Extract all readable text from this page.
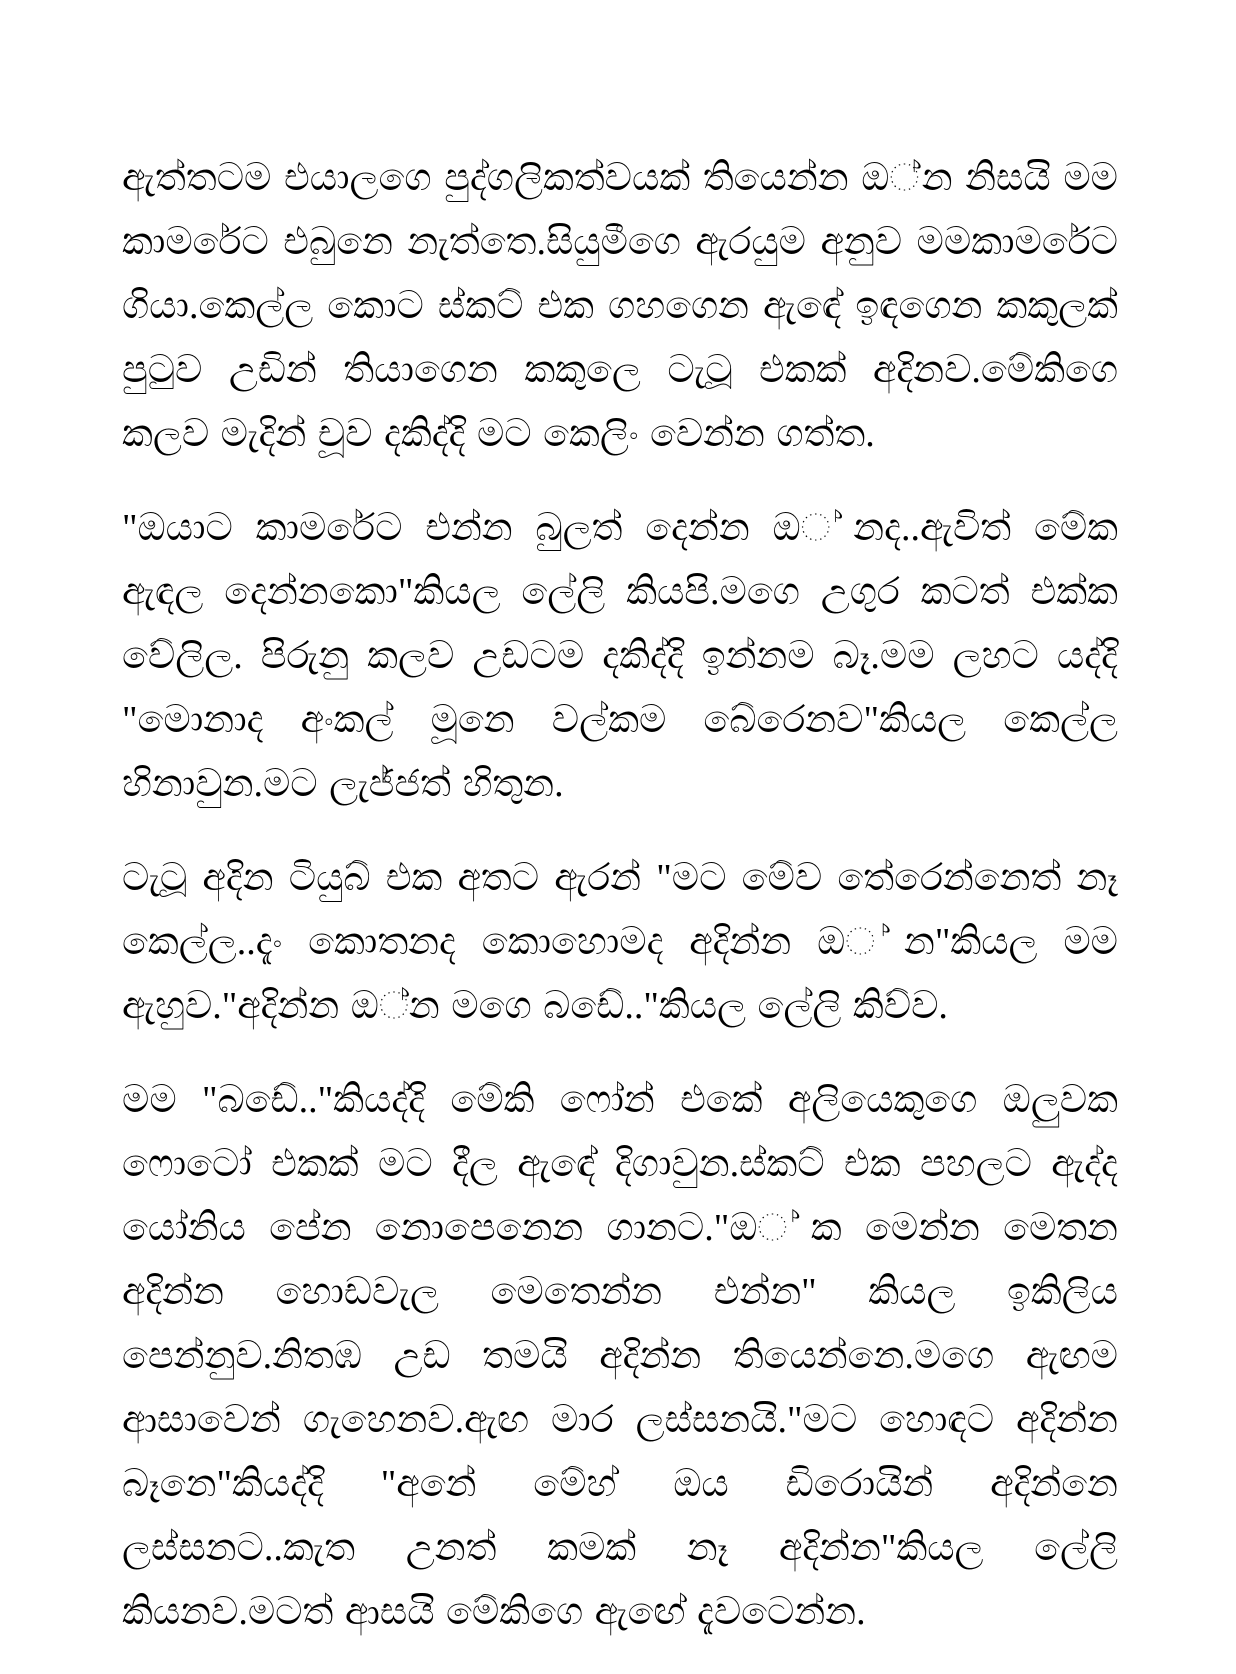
ඇත්තටම එයාලගෙ පුද්ගලිකත්වයක් තියෙන්න ඔ◌්න නිසයි මම කාමරේට එබුනෙ නැත්තෙ.සියුමීගෙ ඇරයුම අනුව මමකාමරේට ගියා.කෙල්ල කොට ස්කට් එක ගහගෙන ඇඳේ ඉඳගෙන කකුලක් පුටුව උඩින් තියාගෙන කකුලෙ ටැටූ එකක් අදිනව.මේකිගෙ කලව මැදින් චූව දකිද්දි මට කෙලිං වෙන්න ගත්ත.

"ඔයාට කාමරේට එන්න බුලත් දෙන්න ඔ◌්නද..ඇවිත් මේක ඇඳල දෙන්නකො"කියල ලේලි කියපි.මගෙ උගුර කටත් එක්ක වේලිල. පිරුනු කලව උඩටම දකිද්දි ඉන්නම බෑ.මම ලහට යද්දි "මොනාද අංකල් මූනෙ වල්කම බේරෙනව"කියල කෙල්ල හිනාවුන.මට ලැජ්ජත් හිතුන.

ටැටූ අදින ටියුබ් එක අතට ඇරන් "මට මේව තේරෙන්නෙත් නෑ කෙල්ල..දැං කොතනද කොහොමද අදින්න ඔ◌්න"කියල මම ඇහුව."අදින්න ඔ◌්න මගෙ බඩේ.."කියල ලේලි කිව්ව.

මම "බඩේ.."කියද්දි මේකි ෆෝන් එකේ අලියෙකුගෙ ඔලුවක ෆොටෝ එකක් මට දීල ඇඳේ දිගාවුන.ස්කට් එක පහලට ඇද්ද යෝනිය පේන නොපෙනෙන ගානට."ඔ◌්ක මෙන්න මෙතන අදින්න හොඩවැල මෙතෙන්න එන්න" කියල ඉකිලිය පෙන්නුව.නිතඹ උඩ තමයි අදින්න තියෙන්නෙ.මගෙ ඇඟම ආසාවෙන් ගැහෙනව.ඇඟ මාර ලස්සනයි."මට හොඳට අදින්න බෑනෙ"කියද්දි "අනේ මේහ් ඔය ඩිරොයින් අදින්නෙ ලස්සනට..කැත උනත් කමක් නෑ අදින්න"කියල ලේලි කියනව.මටත් ආසයි මේකිගෙ ඇඟේ දැවටෙන්න.
